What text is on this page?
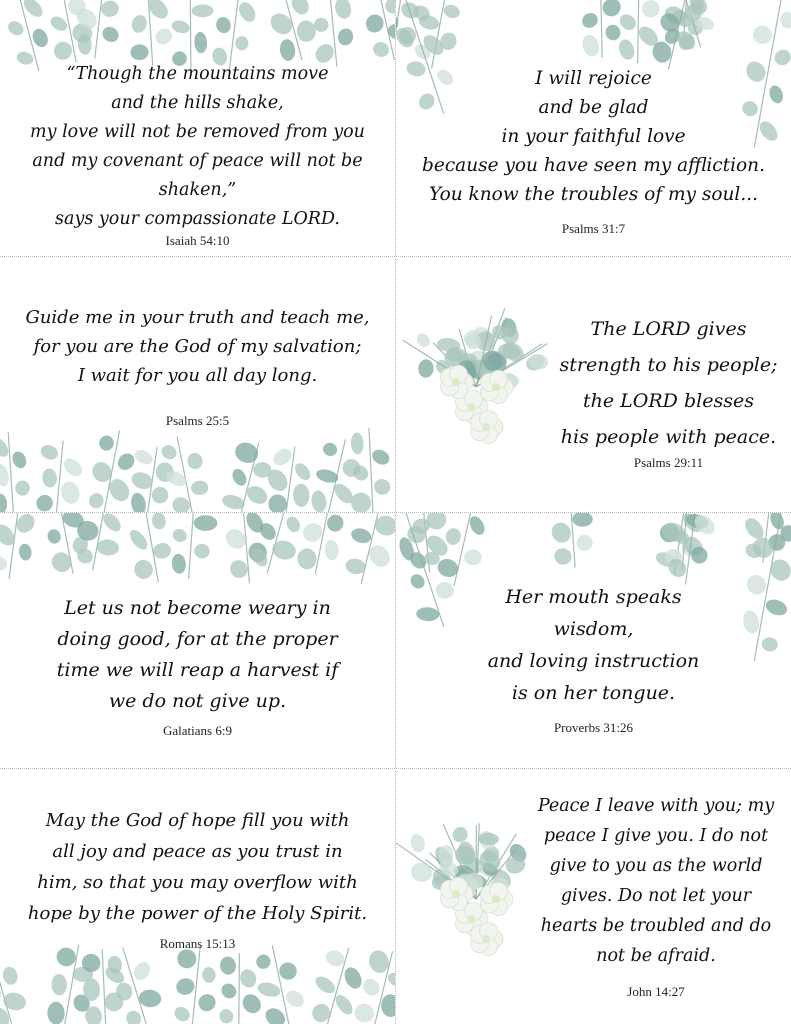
“Though the mountains move
and the hills shake,
my love will not be removed from you
and my covenant of peace will not be
shaken,”
says your compassionate LORD.
Isaiah 54:10
I will rejoice
and be glad
in your faithful love
because you have seen my affliction.
You know the troubles of my soul...
Psalms 31:7
Guide me in your truth and teach me,
for you are the God of my salvation;
I wait for you all day long.
Psalms 25:5
The LORD gives
strength to his people;
the LORD blesses
his people with peace.
Psalms 29:11
Let us not become weary in
doing good, for at the proper
time we will reap a harvest if
we do not give up.
Galatians 6:9
Her mouth speaks
wisdom,
and loving instruction
is on her tongue.
Proverbs 31:26
May the God of hope fill you with
all joy and peace as you trust in
him, so that you may overflow with
hope by the power of the Holy Spirit.
Romans 15:13
Peace I leave with you; my
peace I give you. I do not
give to you as the world
gives. Do not let your
hearts be troubled and do
not be afraid.
John 14:27
